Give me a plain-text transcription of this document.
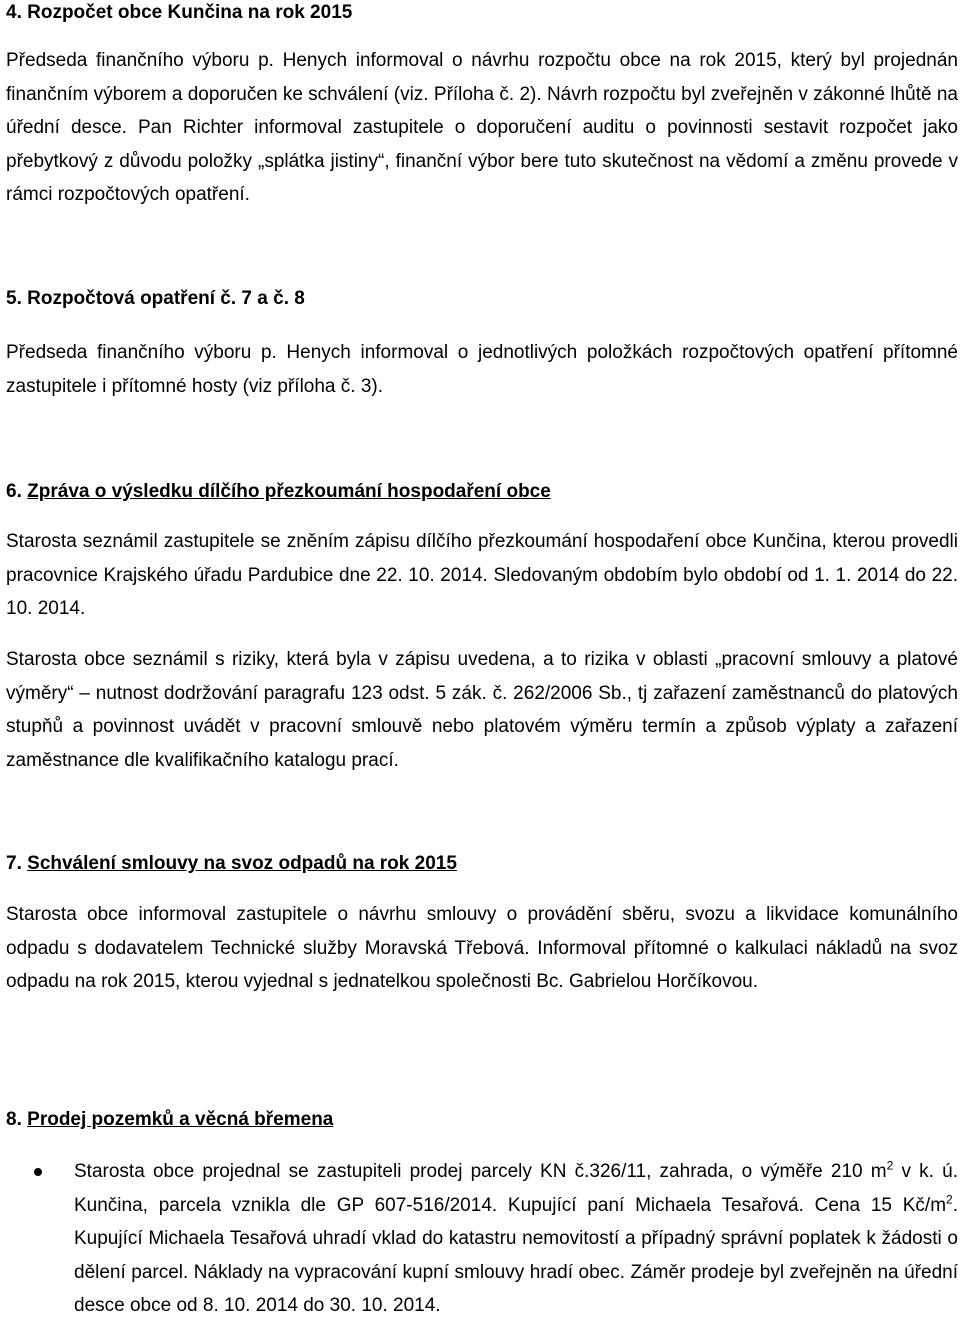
4. Rozpočet obce Kunčina na rok 2015

Předseda finančního výboru p. Henych informoval o návrhu rozpočtu obce na rok 2015, který byl projednán finančním výborem a doporučen ke schválení (viz. Příloha č. 2). Návrh rozpočtu byl zveřejněn v zákonné lhůtě na úřední desce. Pan Richter informoval zastupitele o doporučení auditu o povinnosti sestavit rozpočet jako přebytkový z důvodu položky „splátka jistiny“, finanční výbor bere tuto skutečnost na vědomí a změnu provede v rámci rozpočtových opatření.

5. Rozpočtová opatření č. 7 a č. 8

Předseda finančního výboru p. Henych informoval o jednotlivých položkách rozpočtových opatření přítomné zastupitele i přítomné hosty (viz příloha č. 3).

6. Zpráva o výsledku dílčího přezkoumání hospodaření obce

Starosta seznámil zastupitele se zněním zápisu dílčího přezkoumání hospodaření obce Kunčina, kterou provedli pracovnice Krajského úřadu Pardubice dne 22. 10. 2014. Sledovaným obdobím bylo období od 1. 1. 2014 do 22. 10. 2014.

Starosta obce seznámil s riziky, která byla v zápisu uvedena, a to rizika v oblasti „pracovní smlouvy a platové výměry“ – nutnost dodržování paragrafu 123 odst. 5 zák. č. 262/2006 Sb., tj zařazení zaměstnanců do platových stupňů a povinnost uvádět v pracovní smlouvě nebo platovém výměru termín a způsob výplaty a zařazení zaměstnance dle kvalifikačního katalogu prací.

7. Schválení smlouvy na svoz odpadů na rok 2015

Starosta obce informoval zastupitele o návrhu smlouvy o provádění sběru, svozu a likvidace komunálního odpadu s dodavatelem Technické služby Moravská Třebová. Informoval přítomné o kalkulaci nákladů na svoz odpadu na rok 2015, kterou vyjednal s jednatelkou společnosti Bc. Gabrielou Horčíkovou.

8. Prodej pozemků a věcná břemena
Starosta obce projednal se zastupiteli prodej parcely KN č.326/11, zahrada, o výměře 210 $m^2$ v k. ú. Kunčina, parcela vznikla dle GP 607-516/2014. Kupující paní Michaela Tesařová. Cena 15 $Kč/m^2$. Kupující Michaela Tesařová uhradí vklad do katastru nemovitostí a případný správní poplatek k žádosti o dělení parcel. Náklady na vypracování kupní smlouvy hradí obec. Záměr prodeje byl zveřejněn na úřední desce obce od 8. 10. 2014 do 30. 10. 2014.
